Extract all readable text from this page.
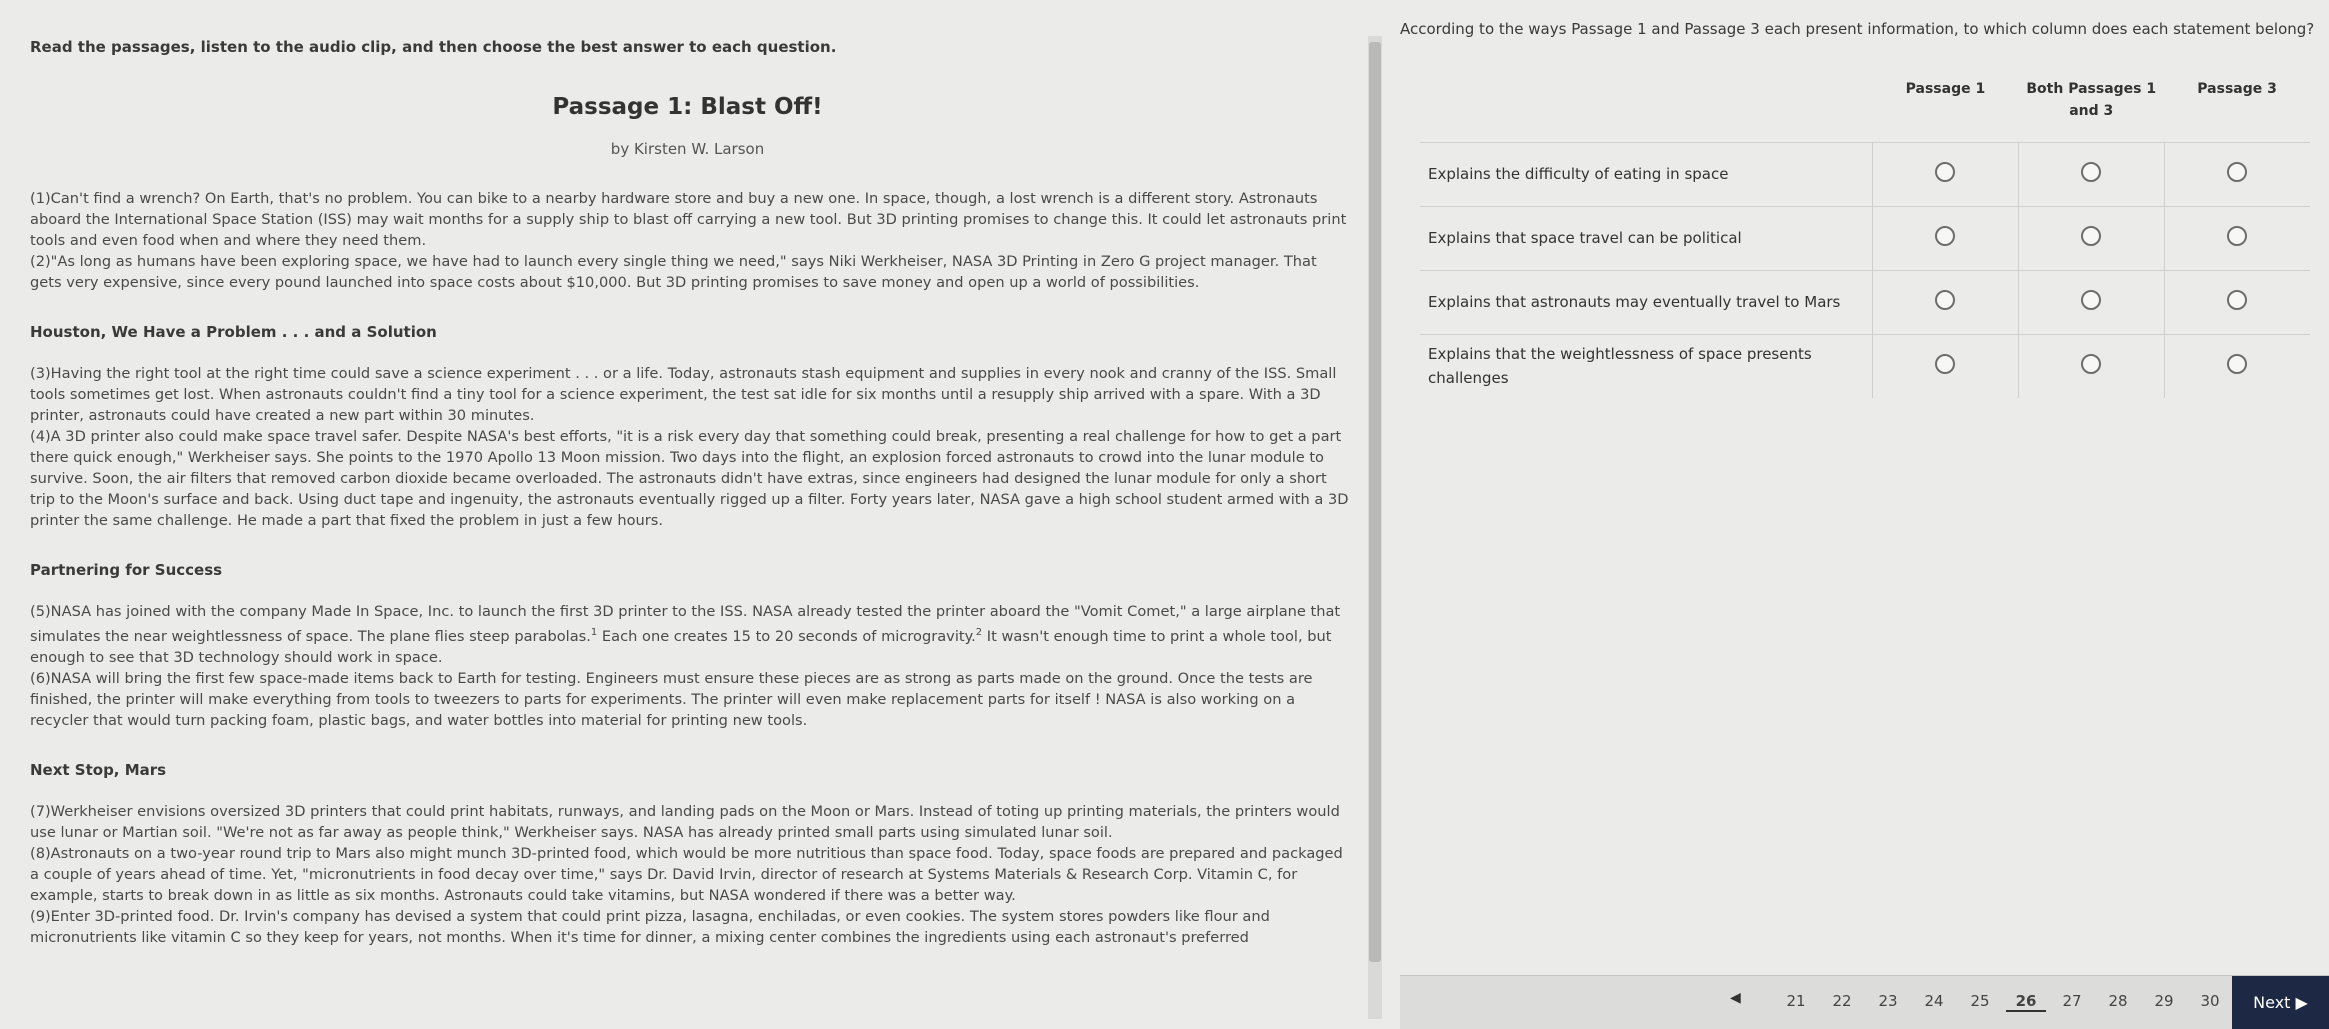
Read the passages, listen to the audio clip, and then choose the best answer to each question.
Passage 1: Blast Off!
by Kirsten W. Larson

(1)Can't find a wrench? On Earth, that's no problem. You can bike to a nearby hardware store and buy a new one. In space, though, a lost wrench is a different story. Astronauts aboard the International Space Station (ISS) may wait months for a supply ship to blast off carrying a new tool. But 3D printing promises to change this. It could let astronauts print tools and even food when and where they need them.

(2)"As long as humans have been exploring space, we have had to launch every single thing we need," says Niki Werkheiser, NASA 3D Printing in Zero G project manager. That gets very expensive, since every pound launched into space costs about $10,000. But 3D printing promises to save money and open up a world of possibilities.

Houston, We Have a Problem . . . and a Solution

(3)Having the right tool at the right time could save a science experiment . . . or a life. Today, astronauts stash equipment and supplies in every nook and cranny of the ISS. Small tools sometimes get lost. When astronauts couldn't find a tiny tool for a science experiment, the test sat idle for six months until a resupply ship arrived with a spare. With a 3D printer, astronauts could have created a new part within 30 minutes.

(4)A 3D printer also could make space travel safer. Despite NASA's best efforts, "it is a risk every day that something could break, presenting a real challenge for how to get a part there quick enough," Werkheiser says. She points to the 1970 Apollo 13 Moon mission. Two days into the flight, an explosion forced astronauts to crowd into the lunar module to survive. Soon, the air filters that removed carbon dioxide became overloaded. The astronauts didn't have extras, since engineers had designed the lunar module for only a short trip to the Moon's surface and back. Using duct tape and ingenuity, the astronauts eventually rigged up a filter. Forty years later, NASA gave a high school student armed with a 3D printer the same challenge. He made a part that fixed the problem in just a few hours.

Partnering for Success

(5)NASA has joined with the company Made In Space, Inc. to launch the first 3D printer to the ISS. NASA already tested the printer aboard the "Vomit Comet," a large airplane that simulates the near weightlessness of space. The plane flies steep parabolas.$^1$ Each one creates 15 to 20 seconds of microgravity.$^2$ It wasn't enough time to print a whole tool, but enough to see that 3D technology should work in space.

(6)NASA will bring the first few space-made items back to Earth for testing. Engineers must ensure these pieces are as strong as parts made on the ground. Once the tests are finished, the printer will make everything from tools to tweezers to parts for experiments. The printer will even make replacement parts for itself ! NASA is also working on a recycler that would turn packing foam, plastic bags, and water bottles into material for printing new tools.

Next Stop, Mars

(7)Werkheiser envisions oversized 3D printers that could print habitats, runways, and landing pads on the Moon or Mars. Instead of toting up printing materials, the printers would use lunar or Martian soil. "We're not as far away as people think," Werkheiser says. NASA has already printed small parts using simulated lunar soil.

(8)Astronauts on a two-year round trip to Mars also might munch 3D-printed food, which would be more nutritious than space food. Today, space foods are prepared and packaged a couple of years ahead of time. Yet, "micronutrients in food decay over time," says Dr. David Irvin, director of research at Systems Materials & Research Corp. Vitamin C, for example, starts to break down in as little as six months. Astronauts could take vitamins, but NASA wondered if there was a better way.

(9)Enter 3D-printed food. Dr. Irvin's company has devised a system that could print pizza, lasagna, enchiladas, or even cookies. The system stores powders like flour and micronutrients like vitamin C so they keep for years, not months. When it's time for dinner, a mixing center combines the ingredients using each astronaut's preferred

According to the ways Passage 1 and Passage 3 each present information, to which column does each statement belong?
	Passage 1	Both Passages 1 and 3	Passage 3
Explains the difficulty of eating in space			
Explains that space travel can be political			
Explains that astronauts may eventually travel to Mars			
Explains that the weightlessness of space presents challenges			
◀	21	22	23	24	25	26	27	28	29	30	Next ▶
